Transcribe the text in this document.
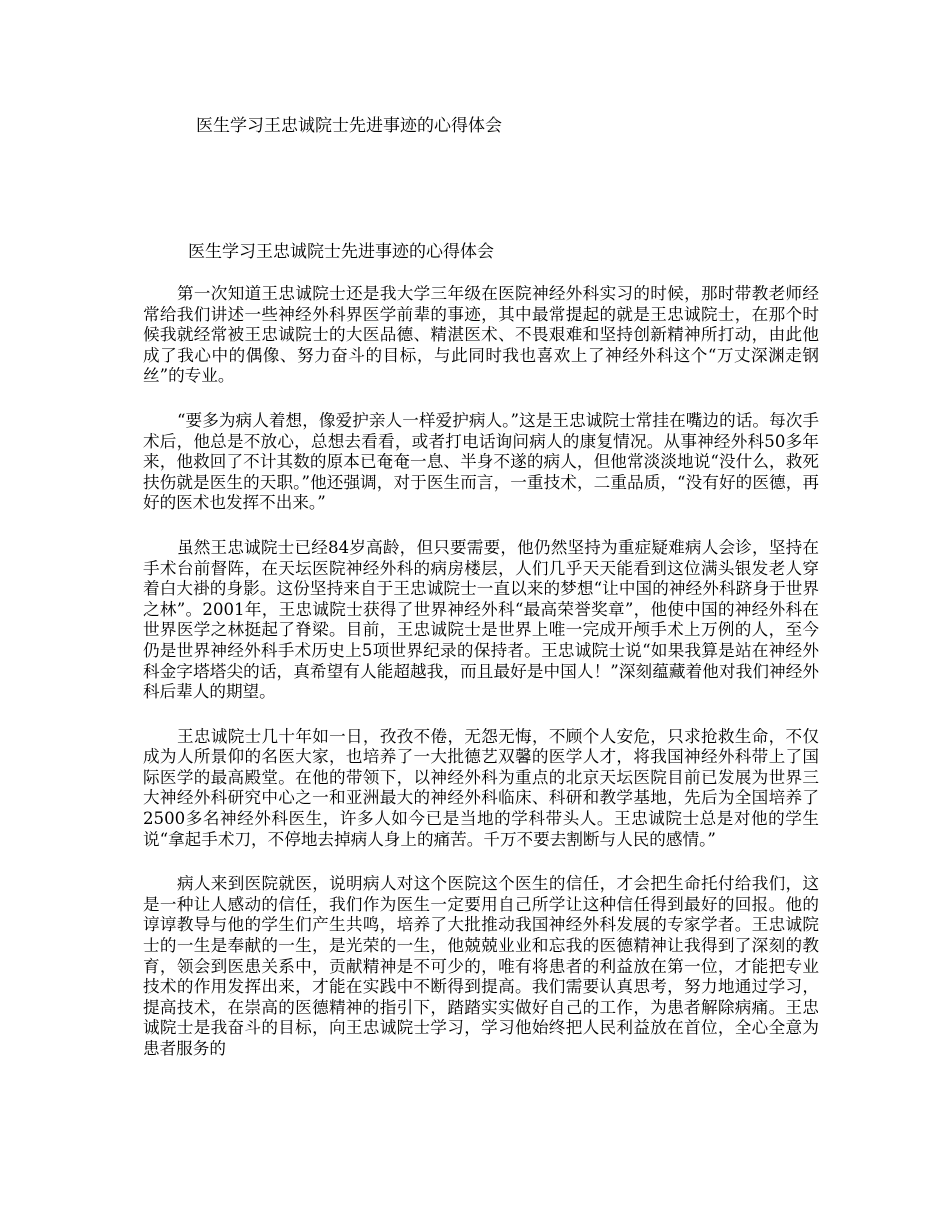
医生学习王忠诚院士先进事迹的心得体会
医生学习王忠诚院士先进事迹的心得体会

第一次知道王忠诚院士还是我大学三年级在医院神经外科实习的时候，那时带教老师经常给我们讲述一些神经外科界医学前辈的事迹，其中最常提起的就是王忠诚院士，在那个时候我就经常被王忠诚院士的大医品德、精湛医术、不畏艰难和坚持创新精神所打动，由此他成了我心中的偶像、努力奋斗的目标，与此同时我也喜欢上了神经外科这个“万丈深渊走钢丝”的专业。

“要多为病人着想，像爱护亲人一样爱护病人。”这是王忠诚院士常挂在嘴边的话。每次手术后，他总是不放心，总想去看看，或者打电话询问病人的康复情况。从事神经外科50多年来，他救回了不计其数的原本已奄奄一息、半身不遂的病人，但他常淡淡地说“没什么，救死扶伤就是医生的天职。”他还强调，对于医生而言，一重技术，二重品质，“没有好的医德，再好的医术也发挥不出来。”

虽然王忠诚院士已经84岁高龄，但只要需要，他仍然坚持为重症疑难病人会诊，坚持在手术台前督阵，在天坛医院神经外科的病房楼层，人们几乎天天能看到这位满头银发老人穿着白大褂的身影。这份坚持来自于王忠诚院士一直以来的梦想“让中国的神经外科跻身于世界之林”。2001年，王忠诚院士获得了世界神经外科“最高荣誉奖章”，他使中国的神经外科在世界医学之林挺起了脊梁。目前，王忠诚院士是世界上唯一完成开颅手术上万例的人，至今仍是世界神经外科手术历史上5项世界纪录的保持者。王忠诚院士说“如果我算是站在神经外科金字塔塔尖的话，真希望有人能超越我，而且最好是中国人！”深刻蕴藏着他对我们神经外科后辈人的期望。

王忠诚院士几十年如一日，孜孜不倦，无怨无悔，不顾个人安危，只求抢救生命，不仅成为人所景仰的名医大家，也培养了一大批德艺双馨的医学人才，将我国神经外科带上了国际医学的最高殿堂。在他的带领下，以神经外科为重点的北京天坛医院目前已发展为世界三大神经外科研究中心之一和亚洲最大的神经外科临床、科研和教学基地，先后为全国培养了2500多名神经外科医生，许多人如今已是当地的学科带头人。王忠诚院士总是对他的学生说“拿起手术刀，不停地去掉病人身上的痛苦。千万不要去割断与人民的感情。”

病人来到医院就医，说明病人对这个医院这个医生的信任，才会把生命托付给我们，这是一种让人感动的信任，我们作为医生一定要用自己所学让这种信任得到最好的回报。他的谆谆教导与他的学生们产生共鸣，培养了大批推动我国神经外科发展的专家学者。王忠诚院士的一生是奉献的一生，是光荣的一生，他兢兢业业和忘我的医德精神让我得到了深刻的教育，领会到医患关系中，贡献精神是不可少的，唯有将患者的利益放在第一位，才能把专业技术的作用发挥出来，才能在实践中不断得到提高。我们需要认真思考，努力地通过学习，提高技术，在崇高的医德精神的指引下，踏踏实实做好自己的工作，为患者解除病痛。王忠诚院士是我奋斗的目标，向王忠诚院士学习，学习他始终把人民利益放在首位，全心全意为患者服务的
